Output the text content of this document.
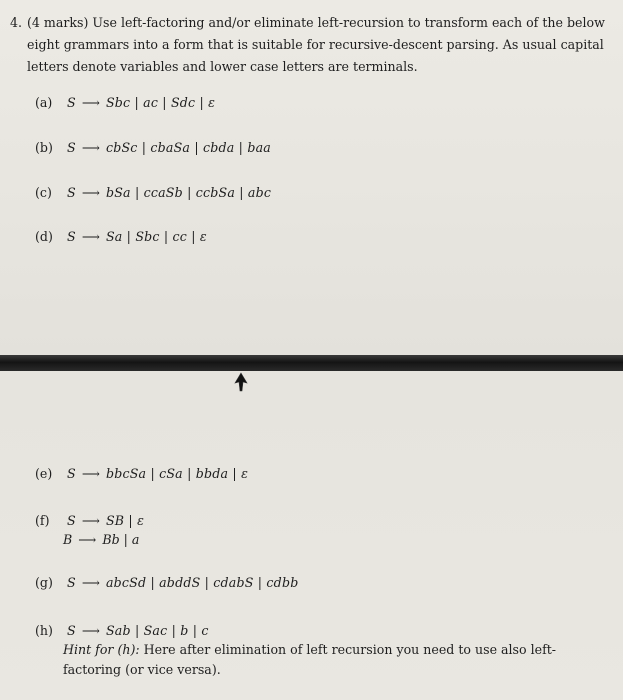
4. (4 marks) Use left-factoring and/or eliminate left-recursion to transform each of the below eight grammars into a form that is suitable for recursive-descent parsing. As usual capital letters denote variables and lower case letters are terminals.
(a) S ⟶ Sbc | ac | Sdc | ε
(b) S ⟶ cbSc | cbaSa | cbda | baa
(c) S ⟶ bSa | ccaSb | ccbSa | abc
(d) S ⟶ Sa | Sbc | cc | ε
(e) S ⟶ bbcSa | cSa | bbda | ε
(f) S ⟶ SB | ε
B ⟶ Bb | a
(g) S ⟶ abcSd | abddS | cdabS | cdbb
(h) S ⟶ Sab | Sac | b | c
Hint for (h): Here after elimination of left recursion you need to use also left-factoring (or vice versa).
